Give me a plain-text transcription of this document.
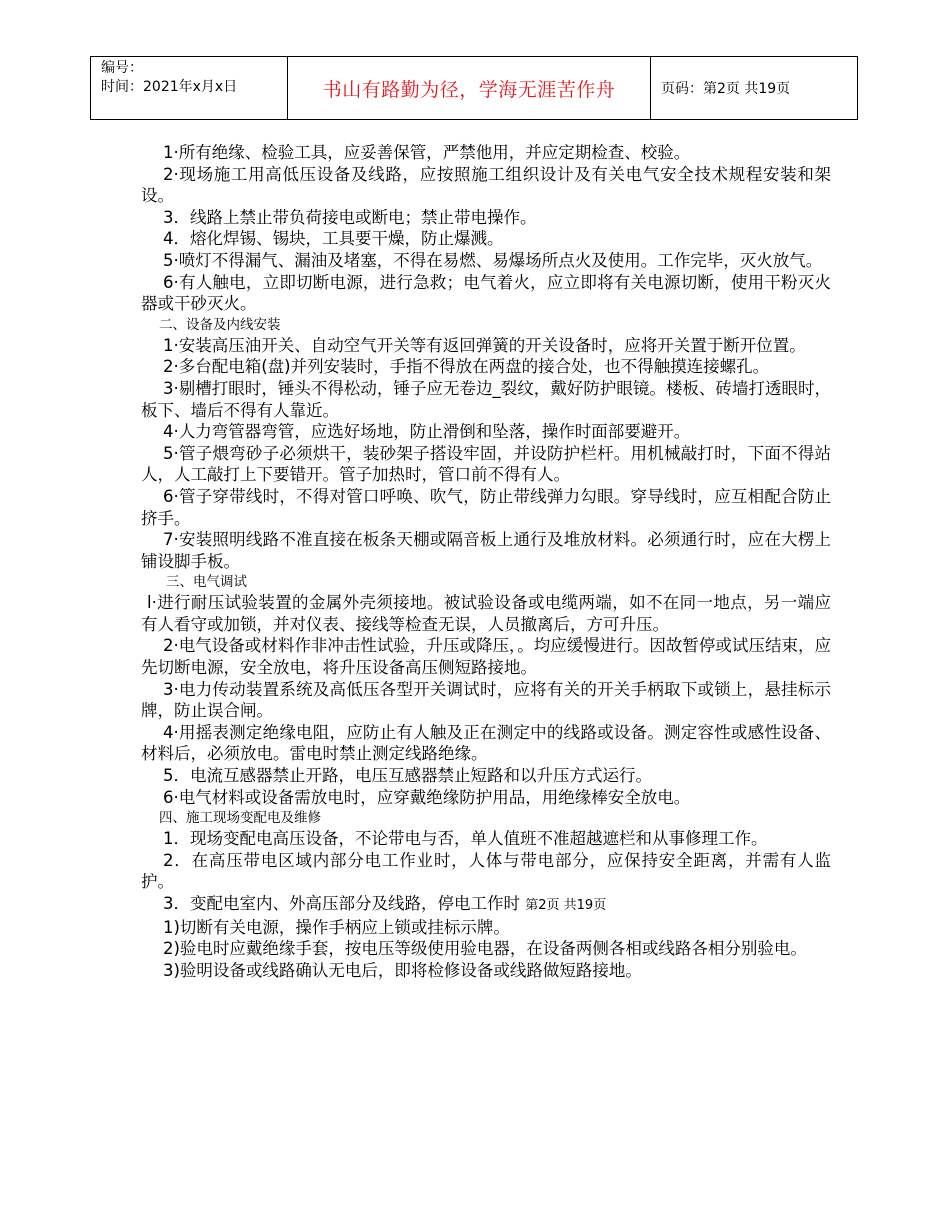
编号：
时间：2021年x月x日	书山有路勤为径，学海无涯苦作舟	页码：第2页 共19页

1·所有绝缘、检验工具，应妥善保管，严禁他用，并应定期检查、校验。

2·现场施工用高低压设备及线路，应按照施工组织设计及有关电气安全技术规程安装和架设。

3．线路上禁止带负荷接电或断电；禁止带电操作。

4．熔化焊锡、锡块，工具要干燥，防止爆溅。

5·喷灯不得漏气、漏油及堵塞，不得在易燃、易爆场所点火及使用。工作完毕，灭火放气。

6·有人触电，立即切断电源，进行急救；电气着火，应立即将有关电源切断，使用干粉灭火器或干砂灭火。

二、设备及内线安装

1·安装高压油开关、自动空气开关等有返回弹簧的开关设备时，应将开关置于断开位置。

2·多台配电箱(盘)并列安装时，手指不得放在两盘的接合处，也不得触摸连接螺孔。

3·剔槽打眼时，锤头不得松动，锤子应无卷边_裂纹，戴好防护眼镜。楼板、砖墙打透眼时，板下、墙后不得有人靠近。

4·人力弯管器弯管，应选好场地，防止滑倒和坠落，操作时面部要避开。

5·管子煨弯砂子必须烘干，装砂架子搭设牢固，并设防护栏杆。用机械敲打时，下面不得站人，人工敲打上下要错开。管子加热时，管口前不得有人。

6·管子穿带线时，不得对管口呼唤、吹气，防止带线弹力勾眼。穿导线时，应互相配合防止挤手。

7·安装照明线路不准直接在板条天棚或隔音板上通行及堆放材料。必须通行时，应在大楞上铺设脚手板。

三、电气调试

l·进行耐压试验装置的金属外壳须接地。被试验设备或电缆两端，如不在同一地点，另一端应有人看守或加锁，并对仪表、接线等检查无误，人员撤离后，方可升压。

2·电气设备或材料作非冲击性试验，升压或降压，。均应缓慢进行。因故暂停或试压结束，应先切断电源，安全放电，将升压设备高压侧短路接地。

3·电力传动装置系统及高低压各型开关调试时，应将有关的开关手柄取下或锁上，悬挂标示牌，防止误合闸。

4·用摇表测定绝缘电阻，应防止有人触及正在测定中的线路或设备。测定容性或感性设备、材料后，必须放电。雷电时禁止测定线路绝缘。

5．电流互感器禁止开路，电压互感器禁止短路和以升压方式运行。

6·电气材料或设备需放电时，应穿戴绝缘防护用品，用绝缘棒安全放电。

四、施工现场变配电及维修

1．现场变配电高压设备，不论带电与否，单人值班不准超越遮栏和从事修理工作。

2．在高压带电区域内部分电工作业时，人体与带电部分，应保持安全距离，并需有人监护。

3．变配电室内、外高压部分及线路，停电工作时 第2页 共19页

1)切断有关电源，操作手柄应上锁或挂标示牌。

2)验电时应戴绝缘手套，按电压等级使用验电器，在设备两侧各相或线路各相分别验电。

3)验明设备或线路确认无电后，即将检修设备或线路做短路接地。
